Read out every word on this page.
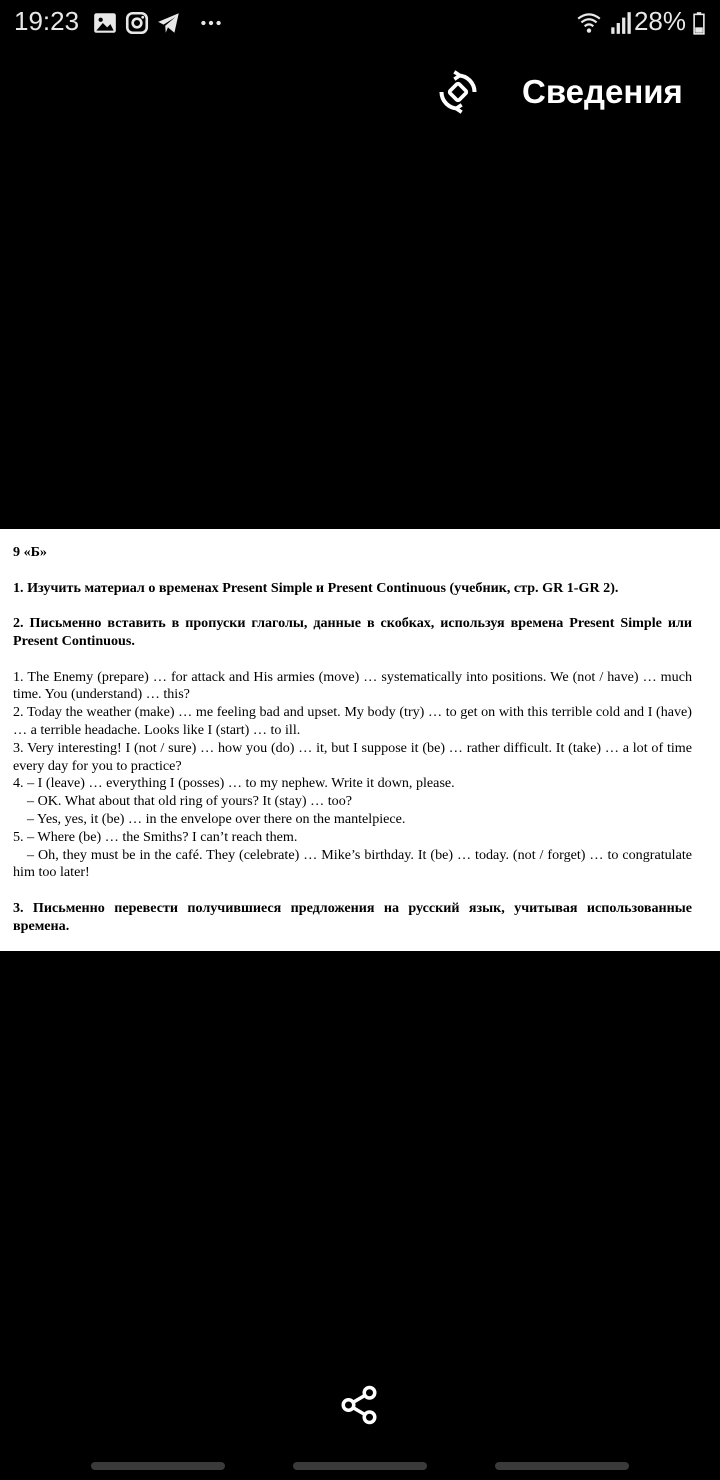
19:23	28%
Сведения

9 «Б»

1. Изучить материал о временах Present Simple и Present Continuous (учебник, стр. GR 1-GR 2).

2. Письменно вставить в пропуски глаголы, данные в скобках, используя времена Present Simple или Present Continuous.

1. The Enemy (prepare) … for attack and His armies (move) … systematically into positions. We (not / have) … much time. You (understand) … this?

2. Today the weather (make) … me feeling bad and upset. My body (try) … to get on with this terrible cold and I (have) … a terrible headache. Looks like I (start) … to ill.

3. Very interesting! I (not / sure) … how you (do) … it, but I suppose it (be) … rather difficult. It (take) … a lot of time every day for you to practice?

4. – I (leave) … everything I (posses) … to my nephew. Write it down, please.

– OK. What about that old ring of yours? It (stay) … too?

– Yes, yes, it (be) … in the envelope over there on the mantelpiece.

5. – Where (be) … the Smiths? I can’t reach them.

– Oh, they must be in the café. They (celebrate) … Mike’s birthday. It (be) … today. (not / forget) … to congratulate him too later!

3. Письменно перевести получившиеся предложения на русский язык, учитывая использованные времена.
